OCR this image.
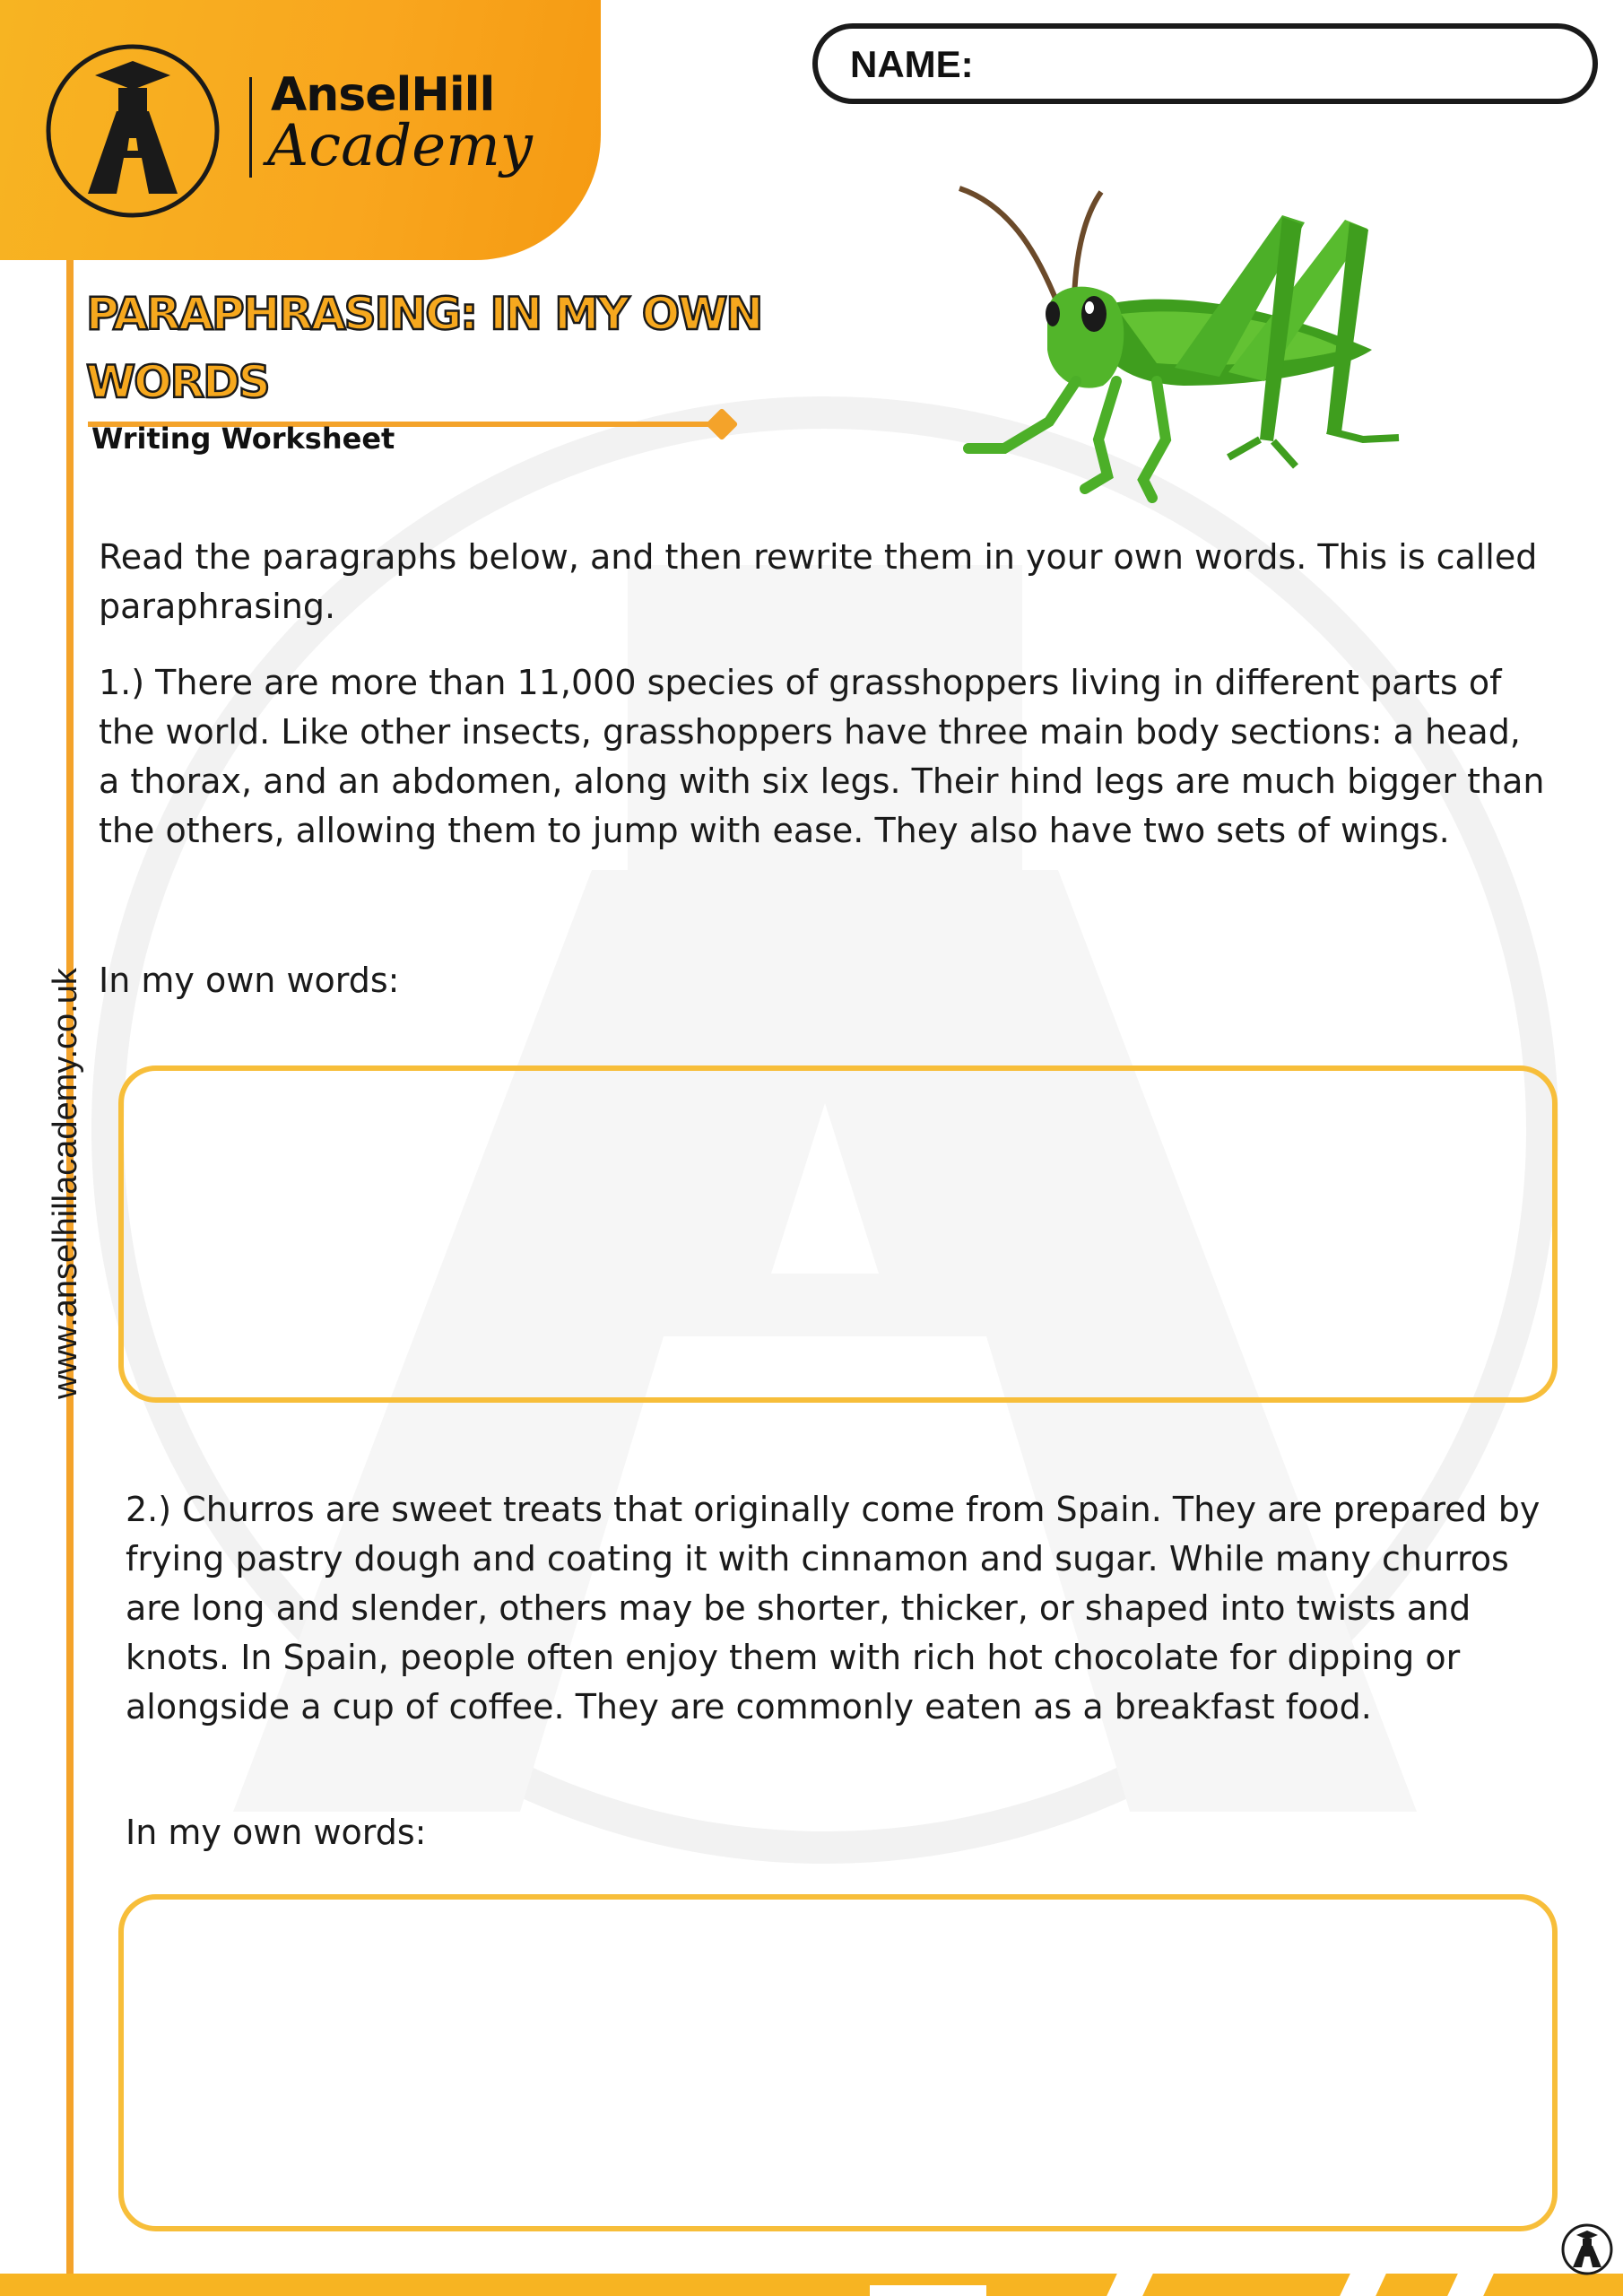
AnselHill
Academy
www.anselhillacademy.co.uk
NAME:
PARAPHRASING: IN MY OWN WORDS
Writing Worksheet

Read the paragraphs below, and then rewrite them in your own words. This is called paraphrasing.

1.) There are more than 11,000 species of grasshoppers living in different parts of the world. Like other insects, grasshoppers have three main body sections: a head, a thorax, and an abdomen, along with six legs. Their hind legs are much bigger than the others, allowing them to jump with ease. They also have two sets of wings.

In my own words:

2.) Churros are sweet treats that originally come from Spain. They are prepared by frying pastry dough and coating it with cinnamon and sugar. While many churros are long and slender, others may be shorter, thicker, or shaped into twists and knots. In Spain, people often enjoy them with rich hot chocolate for dipping or alongside a cup of coffee. They are commonly eaten as a breakfast food.

In my own words:
